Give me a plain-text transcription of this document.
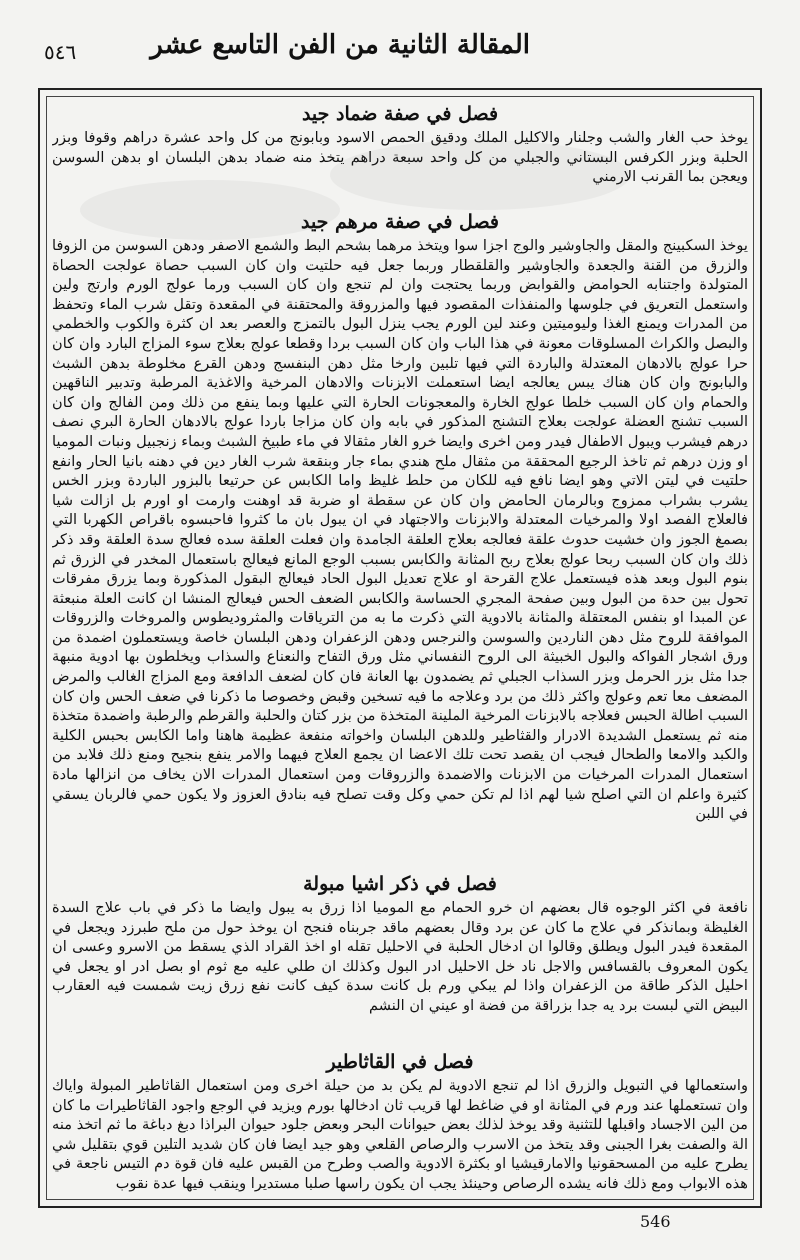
المقالة الثانية من الفن التاسع عشر
٥٤٦
فصل في صفة ضماد جيد

يوخذ حب الغار والشب وجلنار والاكليل الملك ودقيق الحمص الاسود وبابونج من كل واحد عشرة دراهم وقوفا وبزر الحلبة وبزر الكرفس البستاني والجبلي من كل واحد سبعة دراهم يتخذ منه ضماد بدهن البلسان او بدهن السوسن ويعجن بما القرنب الارمني

فصل في صفة مرهم جيد

يوخذ السكبينج والمقل والجاوشير والوج اجزا سوا ويتخذ مرهما بشحم البط والشمع الاصفر ودهن السوسن من الزوفا والزرق من القنة والجعدة والجاوشير والقلقطار وربما جعل فيه حلتيت وان كان السبب حصاة عولجت الحصاة المتولدة واجتنابه الحوامض والقوابض وربما يحتجت وان لم تنجع وان كان السبب ورما عولج الورم وارتج ولين واستعمل التعريق في جلوسها والمنفذات المقصود فيها والمزروقة والمحتقنة في المقعدة وتقل شرب الماء وتحفظ من المدرات ويمنع الغذا وليوميتين وعند لين الورم يجب ينزل البول بالتمزج والعصر بعد ان كثرة والكوب والخطمي والبصل والكراث المسلوقات معونة في هذا الباب وان كان السبب بردا وقطعا عولج بعلاج سوء المزاج البارد وان كان حرا عولج بالادهان المعتدلة والباردة التي فيها تلبين وارخا مثل دهن البنفسج ودهن القرع مخلوطة بدهن الشبث والبابونج وان كان هناك يبس يعالجه ايضا استعملت الابزنات والادهان المرخية والاغذية المرطبة وتدبير الناقهين والحمام وان كان السبب خلطا عولج الخارة والمعجونات الحارة التي عليها وبما ينفع من ذلك ومن الفالج وان كان السبب تشنج العضلة عولجت بعلاج التشنج المذكور في بابه وان كان مزاجا باردا عولج بالادهان الحارة البري نصف درهم فيشرب ويبول الاطفال فيدر ومن اخرى وايضا خرو الغار مثقالا في ماء طبيخ الشبث وبماء زنجبيل ونبات الموميا او وزن درهم ثم تاخذ الرجيع المحققة من مثقال ملح هندي بماء جار وبنقعة شرب الغار دين في دهنه بانيا الحار وانفع حلتيت في ليتن الاتي وهو ايضا نافع فيه للكان من حلط غليظ واما الكابس عن حرتيعا بالبزور الباردة وبزر الخس يشرب بشراب ممزوج وبالرمان الحامض وان كان عن سقطة او ضربة قد اوهنت وارمت او اورم بل ازالت شيا فالعلاج الفصد اولا والمرخيات المعتدلة والابزنات والاجتهاد في ان يبول بان ما كثروا فاحبسوه باقراص الكهربا التي بصمغ الجوز وان خشيت حدوث علقة فعالجه بعلاج العلقة الجامدة وان فعلت العلقة سده فعالج سدة العلقة وقد ذكر ذلك وان كان السبب ربحا عولج بعلاج ربح المثانة والكابس بسبب الوجع المانع فيعالج باستعمال المخدر في الزرق ثم بنوم البول وبعد هذه فيستعمل علاج القرحة او علاج تعديل البول الحاد فيعالج البقول المذكورة وبما يزرق مفرقات تحول بين حدة من البول وبين صفحة المجري الحساسة والكابس الضعف الحس فيعالج المنشا ان كانت العلة منبعثة عن المبدا او بنفس المعتقلة والمثانة بالادوية التي ذكرت ما به من الترياقات والمثروديطوس والمروخات والزروقات الموافقة للروح مثل دهن الناردين والسوسن والنرجس ودهن الزعفران ودهن البلسان خاصة ويستعملون اضمدة من ورق اشجار الفواكه والبول الخبيثة الى الروح النفساني مثل ورق التفاح والنعناع والسذاب ويخلطون بها ادوية منبهة جدا مثل بزر الحرمل وبزر السذاب الجبلي ثم يضمدون بها العانة فان كان لضعف الدافعة ومع المزاج الغالب والمرض المضعف معا تعم وعولج واكثر ذلك من برد وعلاجه ما فيه تسخين وقبض وخصوصا ما ذكرنا في ضعف الحس وان كان السبب اطالة الحبس فعلاجه بالابزنات المرخية الملينة المتخذة من بزر كتان والحلبة والقرطم والرطبة واضمدة متخذة منه ثم يستعمل الشديدة الادرار والقثاطير وللدهن البلسان واخواته منفعة عظيمة هاهنا واما الكابس بحبس الكلية والكبد والامعا والطحال فيجب ان يقصد تحت تلك الاعضا ان يجمع العلاج فيهما والامر ينفع بنجيح ومنع ذلك فلابد من استعمال المدرات المرخيات من الابزنات والاضمدة والزروقات ومن استعمال المدرات الان يخاف من انزالها مادة كثيرة واعلم ان التي اصلح شيا لهم اذا لم تكن حمي وكل وقت تصلح فيه بنادق العزوز ولا يكون حمي فالربان يسقي في اللبن

فصل في ذكر اشيا مبولة

نافعة في اكثر الوجوه قال بعضهم ان خرو الحمام مع الموميا اذا زرق به يبول وايضا ما ذكر في باب علاج السدة الغليظة وبمانذكر في علاج ما كان عن برد وقال بعضهم ماقد جربناه فنجح ان يوخذ حول من ملح طبرزد ويجعل في المقعدة فيدر البول ويطلق وقالوا ان ادخال الحلبة في الاحليل تقله او اخذ القراد الذي يسقط من الاسرو وعسى ان يكون المعروف بالقسافس والاجل ناد خل الاحليل ادر البول وكذلك ان طلي عليه مع ثوم او بصل ادر او يجعل في احليل الذكر طاقة من الزعفران واذا لم يبكي ورم بل كانت سدة كيف كانت نفع زرق زيت شمست فيه العقارب البيض التي لبست برد يه جدا بزراقة من فضة او عيني ان النشم

فصل في القاثاطير

واستعمالها في التبويل والزرق اذا لم تنجع الادوية لم يكن بد من حيلة اخرى ومن استعمال القاثاطير المبولة واياك وان تستعملها عند ورم في المثانة او في ضاغط لها قريب ثان ادخالها بورم ويزيد في الوجع واجود القاثاطيرات ما كان من الين الاجساد واقبلها للتثنية وقد يوخذ لذلك بعض حيوانات البحر وبعض جلود حيوان البراذا دبغ دباغة ما ثم اتخذ منه الة والصفت بغرا الجبنى وقد يتخذ من الاسرب والرصاص القلعي وهو جيد ايضا فان كان شديد التلين قوي بتقليل شي يطرح عليه من المسحقونيا والامارقيشيا او بكثرة الادوية والصب وطرح من القبس عليه فان قوة دم التيس ناجعة في هذه الابواب ومع ذلك فانه يشده الرصاص وحينئذ يجب ان يكون راسها صلبا مستديرا وينقب فيها عدة نقوب

546
